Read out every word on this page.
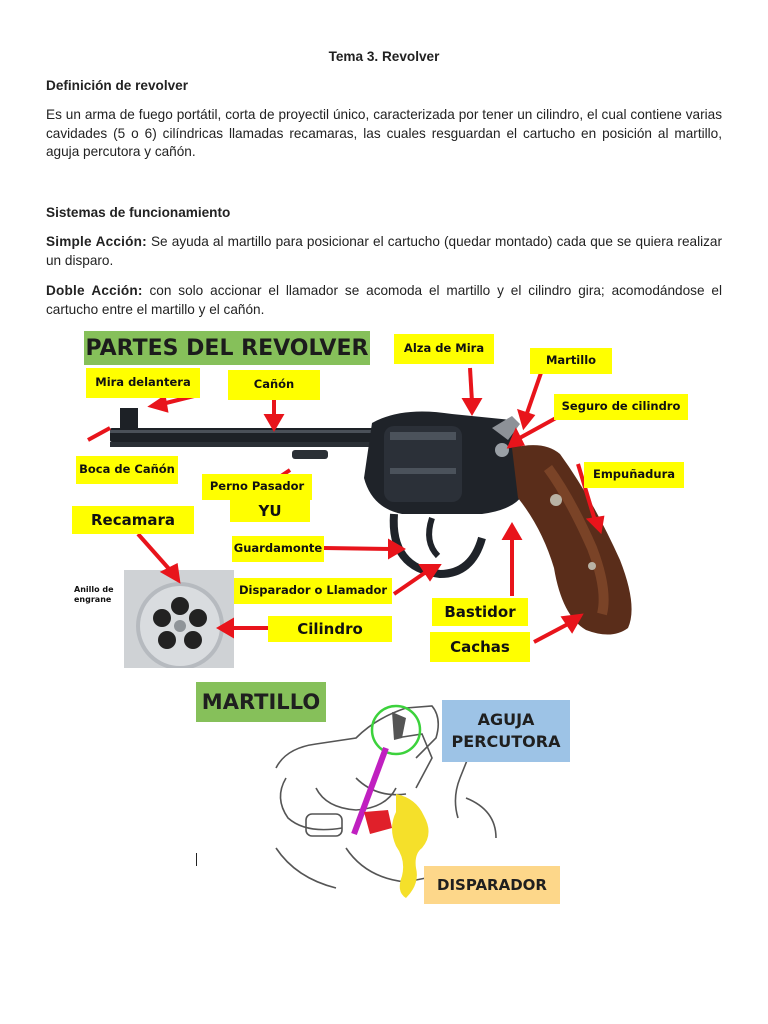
Tema 3. Revolver
Definición de revolver
Es un arma de fuego portátil, corta de proyectil único, caracterizada por tener un cilindro, el cual contiene varias cavidades (5 o 6) cilíndricas llamadas recamaras, las cuales resguardan el cartucho en posición al martillo, aguja percutora y cañón.
Sistemas de funcionamiento
Simple Acción: Se ayuda al martillo para posicionar el cartucho (quedar montado) cada que se quiera realizar un disparo.
Doble Acción: con solo accionar el llamador se acomoda el martillo y el cilindro gira; acomodándose el cartucho entre el martillo y el cañón.
PARTES DEL REVOLVER	Alza de Mira
Martillo
Mira delantera	Cañón
Seguro de cilindro
Boca de Cañón	Empuñadura
Perno Pasador
YU
Recamara
Guardamonte
Anillo de engrane
Disparador o Llamador
Bastidor
Cilindro
Cachas
MARTILLO
AGUJA
PERCUTORA
DISPARADOR
